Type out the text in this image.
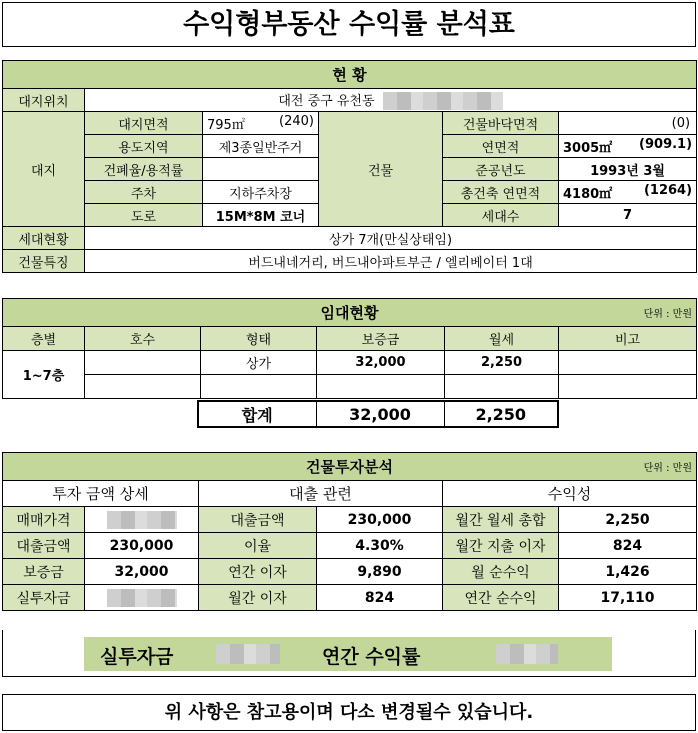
수익형부동산 수익률 분석표
현 황					
대지위치	대전 중구 유천동				
대지	대지면적	795㎡ (240)	건물	건물바닥면적	(0)
	용도지역	제3종일반주거		연면적	3005㎡ (909.1)

	건폐율/용적률			준공년도	1993년 3월
	주차	지하주차장		총건축 연면적	4180㎡ (1264)

	도로	15M*8M 코너		세대수	7
세대현황	상가 7개(만실상태임)				
건물특징	버드내네거리, 버드내아파트부근 / 엘리베이터 1대				
임대현황 단위 : 만원					

층별	호수	형태	보증금	월세	비고
1~7층		상가	32,000	2,250	

합계	32,000	2,250
건물투자분석 단위 : 만원					

투자 금액 상세		대출 관련		수익성	
매매가격		대출금액	230,000	월간 월세 총합	2,250
대출금액	230,000	이율	4.30%	월간 지출 이자	824
보증금	32,000	연간 이자	9,890	월 순수익	1,426
실투자금		월간 이자	824	연간 순수익	17,110
실투자금	연간 수익률
위 사항은 참고용이며 다소 변경될수 있습니다.
